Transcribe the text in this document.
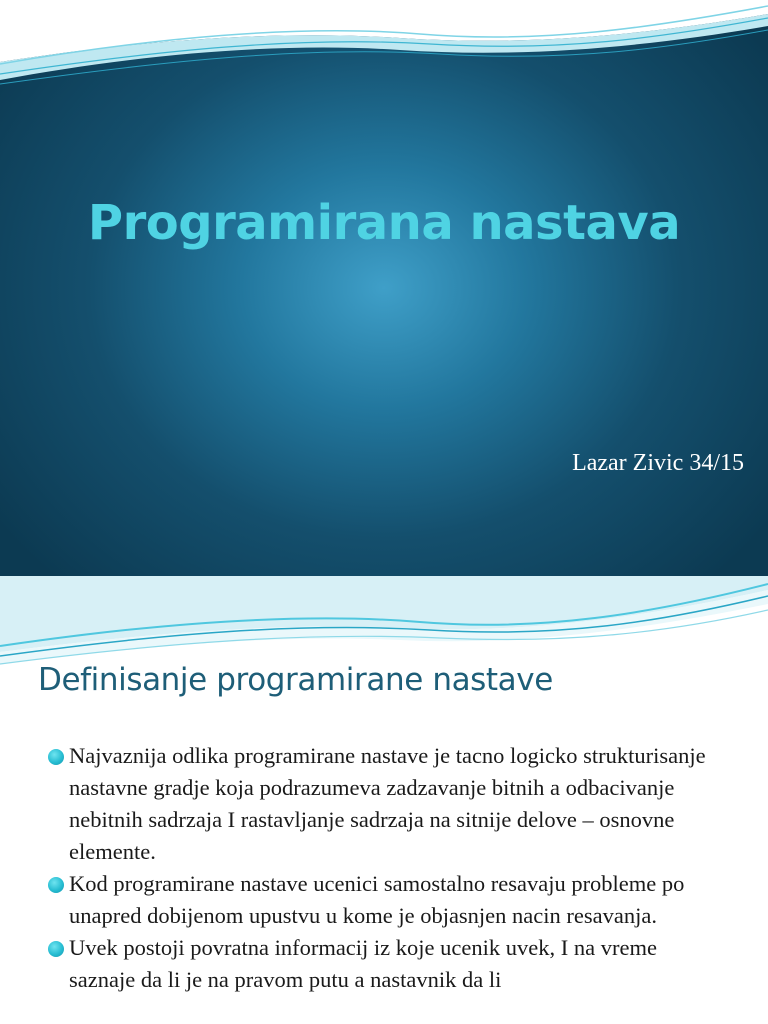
Programirana nastava
Lazar Zivic 34/15
Definisanje programirane nastave
Najvaznija odlika programirane nastave je tacno logicko strukturisanje nastavne gradje koja podrazumeva zadzavanje bitnih a odbacivanje nebitnih sadrzaja I rastavljanje sadrzaja na sitnije delove – osnovne elemente.
Kod programirane nastave ucenici samostalno resavaju probleme po unapred dobijenom upustvu u kome je objasnjen nacin resavanja.
Uvek postoji povratna informacij iz koje ucenik uvek, I na vreme saznaje da li je na pravom putu a nastavnik da li
